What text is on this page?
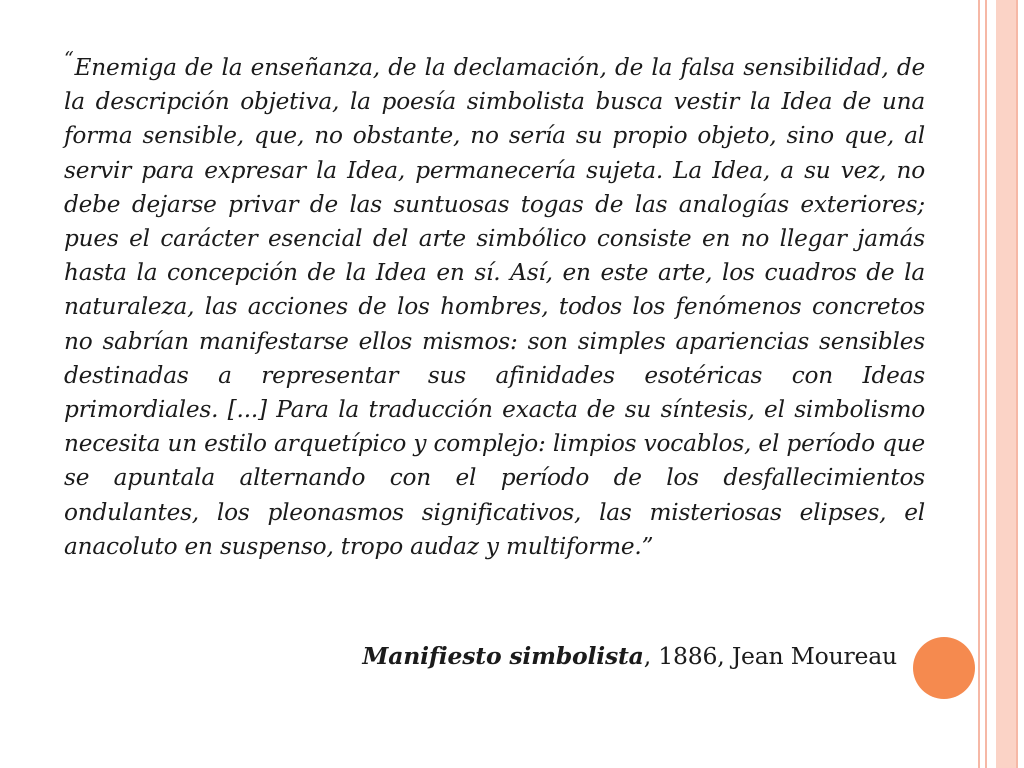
“Enemiga de la enseñanza, de la declamación, de la falsa sensibilidad, de la descripción objetiva, la poesía simbolista busca vestir la Idea de una forma sensible, que, no obstante, no sería su propio objeto, sino que, al servir para expresar la Idea, permanecería sujeta. La Idea, a su vez, no debe dejarse privar de las suntuosas togas de las analogías exteriores; pues el carácter esencial del arte simbólico consiste en no llegar jamás hasta la concepción de la Idea en sí. Así, en este arte, los cuadros de la naturaleza, las acciones de los hombres, todos los fenómenos concretos no sabrían manifestarse ellos mismos: son simples apariencias sensibles destinadas a representar sus afinidades esotéricas con Ideas primordiales. [...] Para la traducción exacta de su síntesis, el simbolismo necesita un estilo arquetípico y complejo: limpios vocablos, el período que se apuntala alternando con el período de los desfallecimientos ondulantes, los pleonasmos significativos, las misteriosas elipses, el anacoluto en suspenso, tropo audaz y multiforme.”

Manifiesto simbolista, 1886, Jean Moureau
